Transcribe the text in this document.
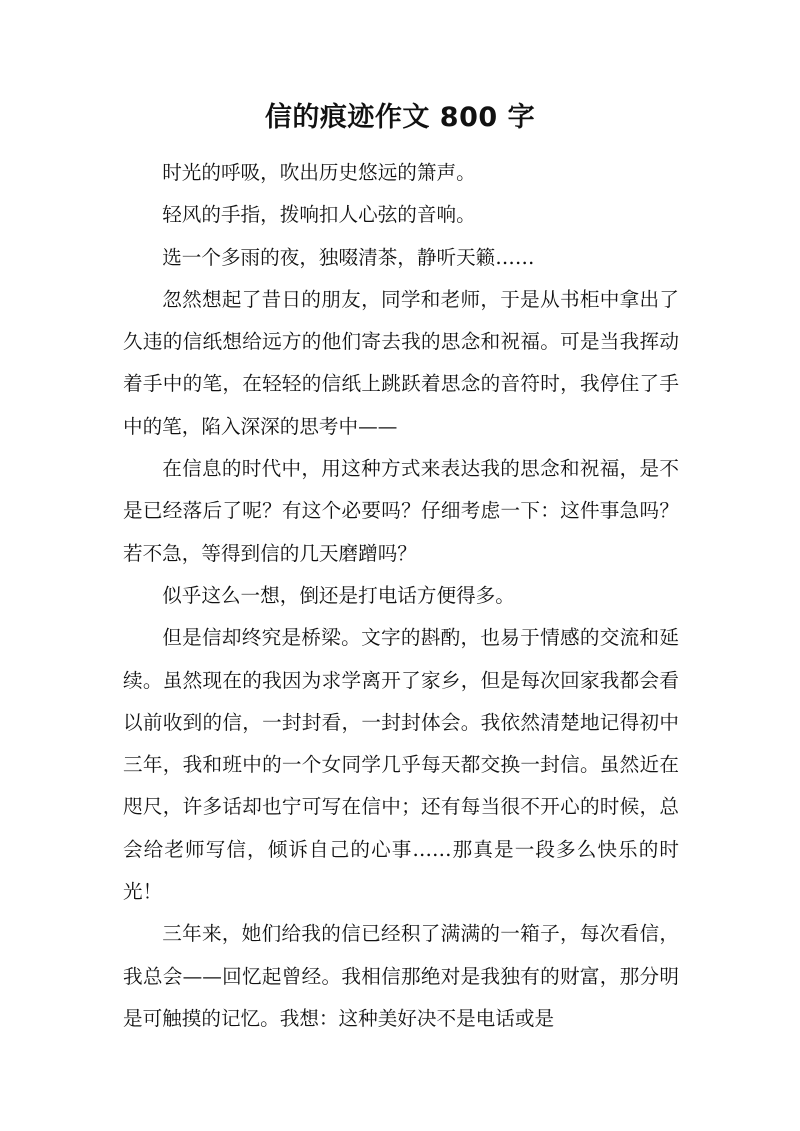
信的痕迹作文 800 字

时光的呼吸，吹出历史悠远的箫声。

轻风的手指，拨响扣人心弦的音响。

选一个多雨的夜，独啜清茶，静听天籁……

忽然想起了昔日的朋友，同学和老师，于是从书柜中拿出了久违的信纸想给远方的他们寄去我的思念和祝福。可是当我挥动着手中的笔，在轻轻的信纸上跳跃着思念的音符时，我停住了手中的笔，陷入深深的思考中——

在信息的时代中，用这种方式来表达我的思念和祝福，是不是已经落后了呢？有这个必要吗？仔细考虑一下：这件事急吗？若不急，等得到信的几天磨蹭吗？

似乎这么一想，倒还是打电话方便得多。

但是信却终究是桥梁。文字的斟酌，也易于情感的交流和延续。虽然现在的我因为求学离开了家乡，但是每次回家我都会看以前收到的信，一封封看，一封封体会。我依然清楚地记得初中三年，我和班中的一个女同学几乎每天都交换一封信。虽然近在咫尺，许多话却也宁可写在信中；还有每当很不开心的时候，总会给老师写信，倾诉自己的心事……那真是一段多么快乐的时光！

三年来，她们给我的信已经积了满满的一箱子，每次看信，我总会——回忆起曾经。我相信那绝对是我独有的财富，那分明是可触摸的记忆。我想：这种美好决不是电话或是
